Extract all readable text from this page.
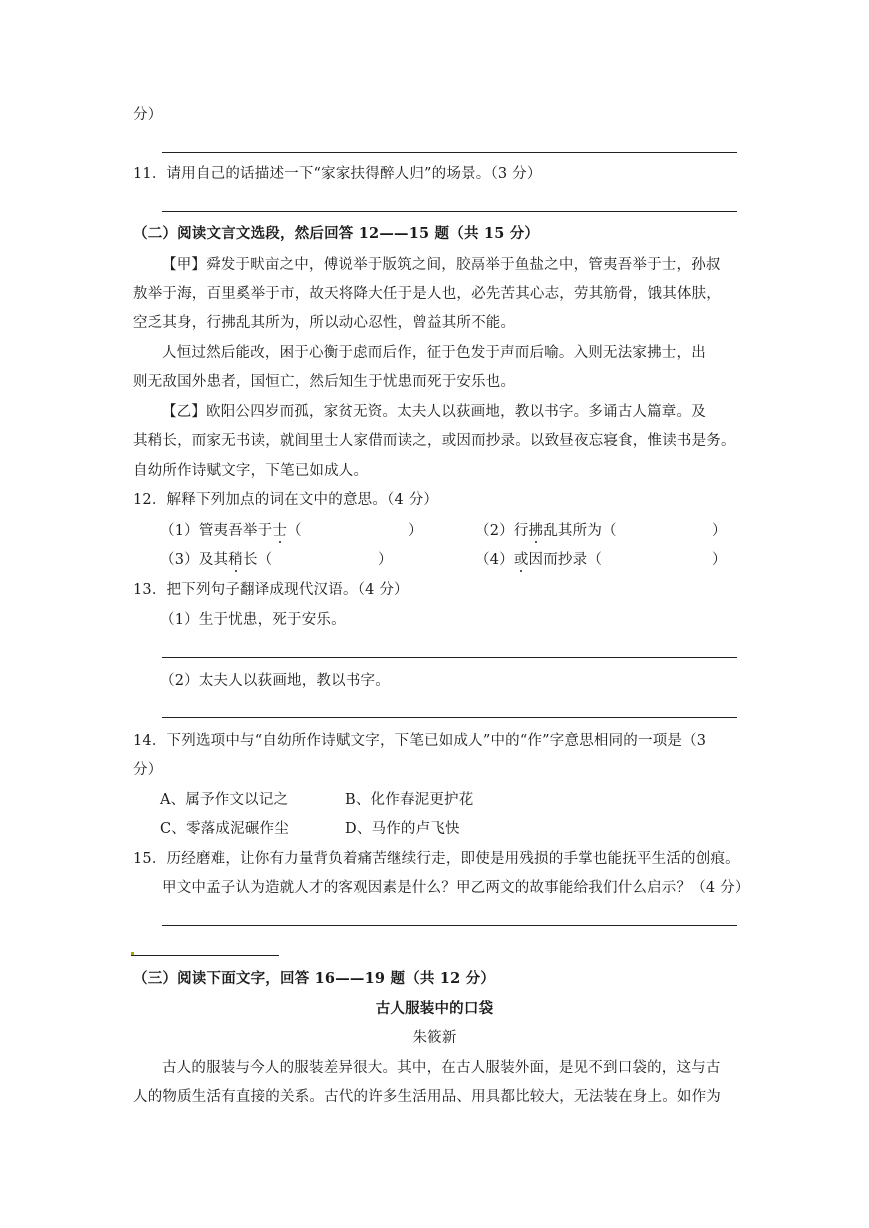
分）
11．请用自己的话描述一下“家家扶得醉人归”的场景。（3 分）
（二）阅读文言文选段，然后回答 12——15 题（共 15 分）
【甲】舜发于畎亩之中，傅说举于版筑之间，胶鬲举于鱼盐之中，管夷吾举于士，孙叔
敖举于海，百里奚举于市，故天将降大任于是人也，必先苦其心志，劳其筋骨，饿其体肤，
空乏其身，行拂乱其所为，所以动心忍性，曾益其所不能。
人恒过然后能改，困于心衡于虑而后作，征于色发于声而后喻。入则无法家拂士，出
则无敌国外患者，国恒亡，然后知生于忧患而死于安乐也。
【乙】欧阳公四岁而孤，家贫无资。太夫人以荻画地，教以书字。多诵古人篇章。及
其稍长，而家无书读，就闾里士人家借而读之，或因而抄录。以致昼夜忘寝食，惟读书是务。
自幼所作诗赋文字，下笔已如成人。
12．解释下列加点的词在文中的意思。（4 分）
（1）管夷吾举于士（	）	（2）行拂乱其所为（	）
（3）及其稍长（	）	（4）或因而抄录（	）
13．把下列句子翻译成现代汉语。（4 分）
（1）生于忧患，死于安乐。
（2）太夫人以荻画地，教以书字。
14．下列选项中与“自幼所作诗赋文字，下笔已如成人”中的“作”字意思相同的一项是（3
分）
A、属予作文以记之	B、化作春泥更护花
C、零落成泥碾作尘	D、马作的卢飞快
15．历经磨难，让你有力量背负着痛苦继续行走，即使是用残损的手掌也能抚平生活的创痕。
甲文中孟子认为造就人才的客观因素是什么？甲乙两文的故事能给我们什么启示？（4 分）
（三）阅读下面文字，回答 16——19 题（共 12 分）
古人服装中的口袋
朱筱新
古人的服装与今人的服装差异很大。其中，在古人服装外面，是见不到口袋的，这与古
人的物质生活有直接的关系。古代的许多生活用品、用具都比较大，无法装在身上。如作为
